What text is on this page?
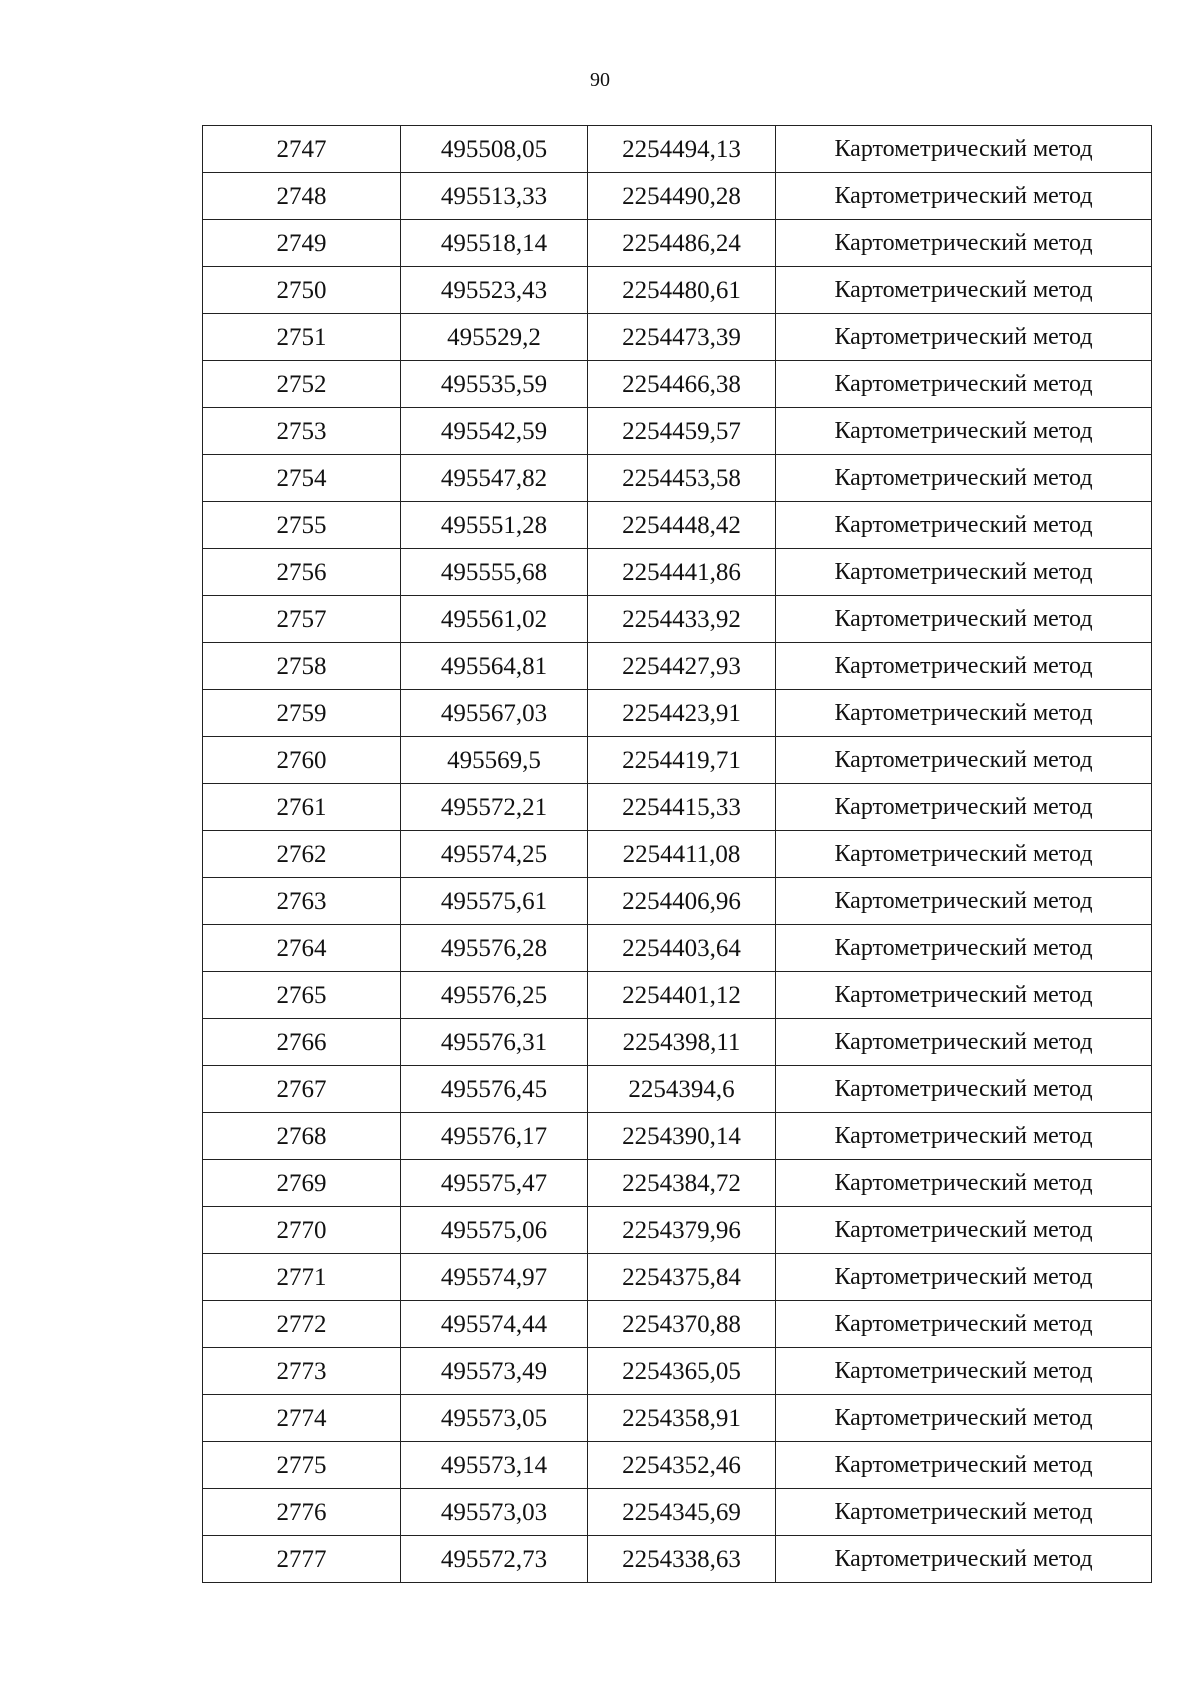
90
2747	495508,05	2254494,13	Картометрический метод
2748	495513,33	2254490,28	Картометрический метод
2749	495518,14	2254486,24	Картометрический метод
2750	495523,43	2254480,61	Картометрический метод
2751	495529,2	2254473,39	Картометрический метод
2752	495535,59	2254466,38	Картометрический метод
2753	495542,59	2254459,57	Картометрический метод
2754	495547,82	2254453,58	Картометрический метод
2755	495551,28	2254448,42	Картометрический метод
2756	495555,68	2254441,86	Картометрический метод
2757	495561,02	2254433,92	Картометрический метод
2758	495564,81	2254427,93	Картометрический метод
2759	495567,03	2254423,91	Картометрический метод
2760	495569,5	2254419,71	Картометрический метод
2761	495572,21	2254415,33	Картометрический метод
2762	495574,25	2254411,08	Картометрический метод
2763	495575,61	2254406,96	Картометрический метод
2764	495576,28	2254403,64	Картометрический метод
2765	495576,25	2254401,12	Картометрический метод
2766	495576,31	2254398,11	Картометрический метод
2767	495576,45	2254394,6	Картометрический метод
2768	495576,17	2254390,14	Картометрический метод
2769	495575,47	2254384,72	Картометрический метод
2770	495575,06	2254379,96	Картометрический метод
2771	495574,97	2254375,84	Картометрический метод
2772	495574,44	2254370,88	Картометрический метод
2773	495573,49	2254365,05	Картометрический метод
2774	495573,05	2254358,91	Картометрический метод
2775	495573,14	2254352,46	Картометрический метод
2776	495573,03	2254345,69	Картометрический метод
2777	495572,73	2254338,63	Картометрический метод
